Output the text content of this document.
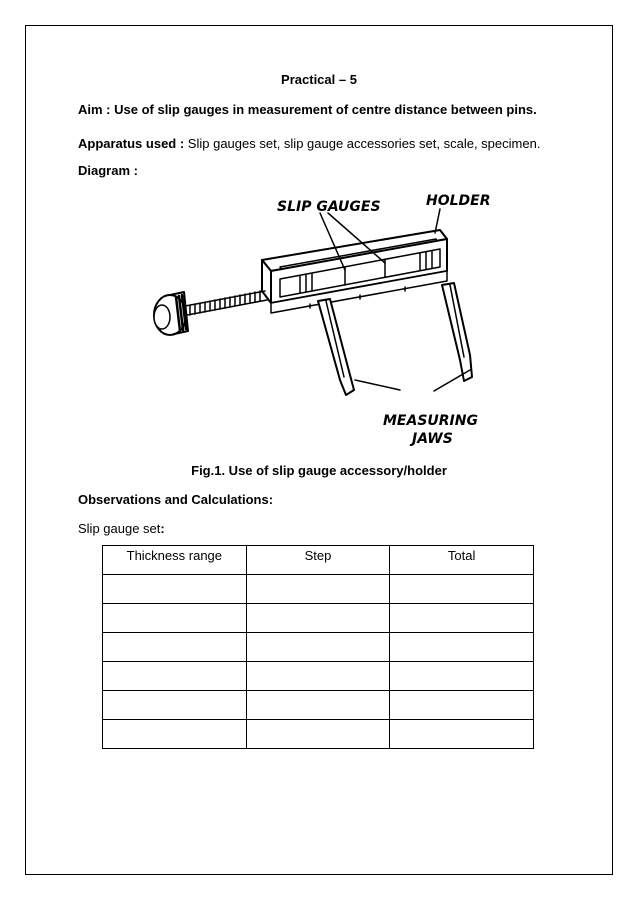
Practical – 5
Aim : Use of slip gauges in measurement of centre distance between pins.
Apparatus used : Slip gauges set, slip gauge accessories set, scale, specimen.
Diagram :
SLIP GAUGES	HOLDER
MEASURING
JAWS
Fig.1. Use of slip gauge accessory/holder
Observations and Calculations:
Slip gauge set:
Thickness range	Step	Total
